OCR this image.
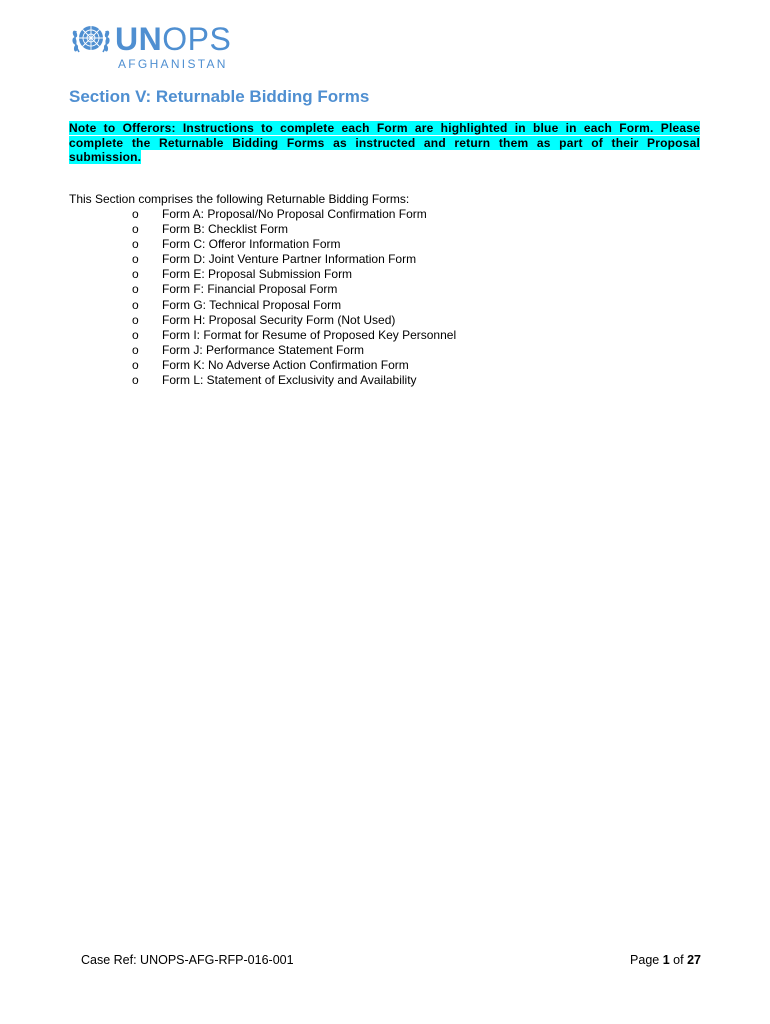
UNOPS
AFGHANISTAN
Section V: Returnable Bidding Forms

Note to Offerors: Instructions to complete each Form are highlighted in blue in each Form. Please complete the Returnable Bidding Forms as instructed and return them as part of their Proposal submission.

This Section comprises the following Returnable Bidding Forms:

o Form A: Proposal/No Proposal Confirmation Form
o Form B: Checklist Form
o Form C: Offeror Information Form
o Form D: Joint Venture Partner Information Form
o Form E: Proposal Submission Form
o Form F: Financial Proposal Form
o Form G: Technical Proposal Form
o Form H: Proposal Security Form (Not Used)
o Form I: Format for Resume of Proposed Key Personnel
o Form J: Performance Statement Form
o Form K: No Adverse Action Confirmation Form
o Form L: Statement of Exclusivity and Availability
Case Ref: UNOPS-AFG-RFP-016-001	Page 1 of 27
